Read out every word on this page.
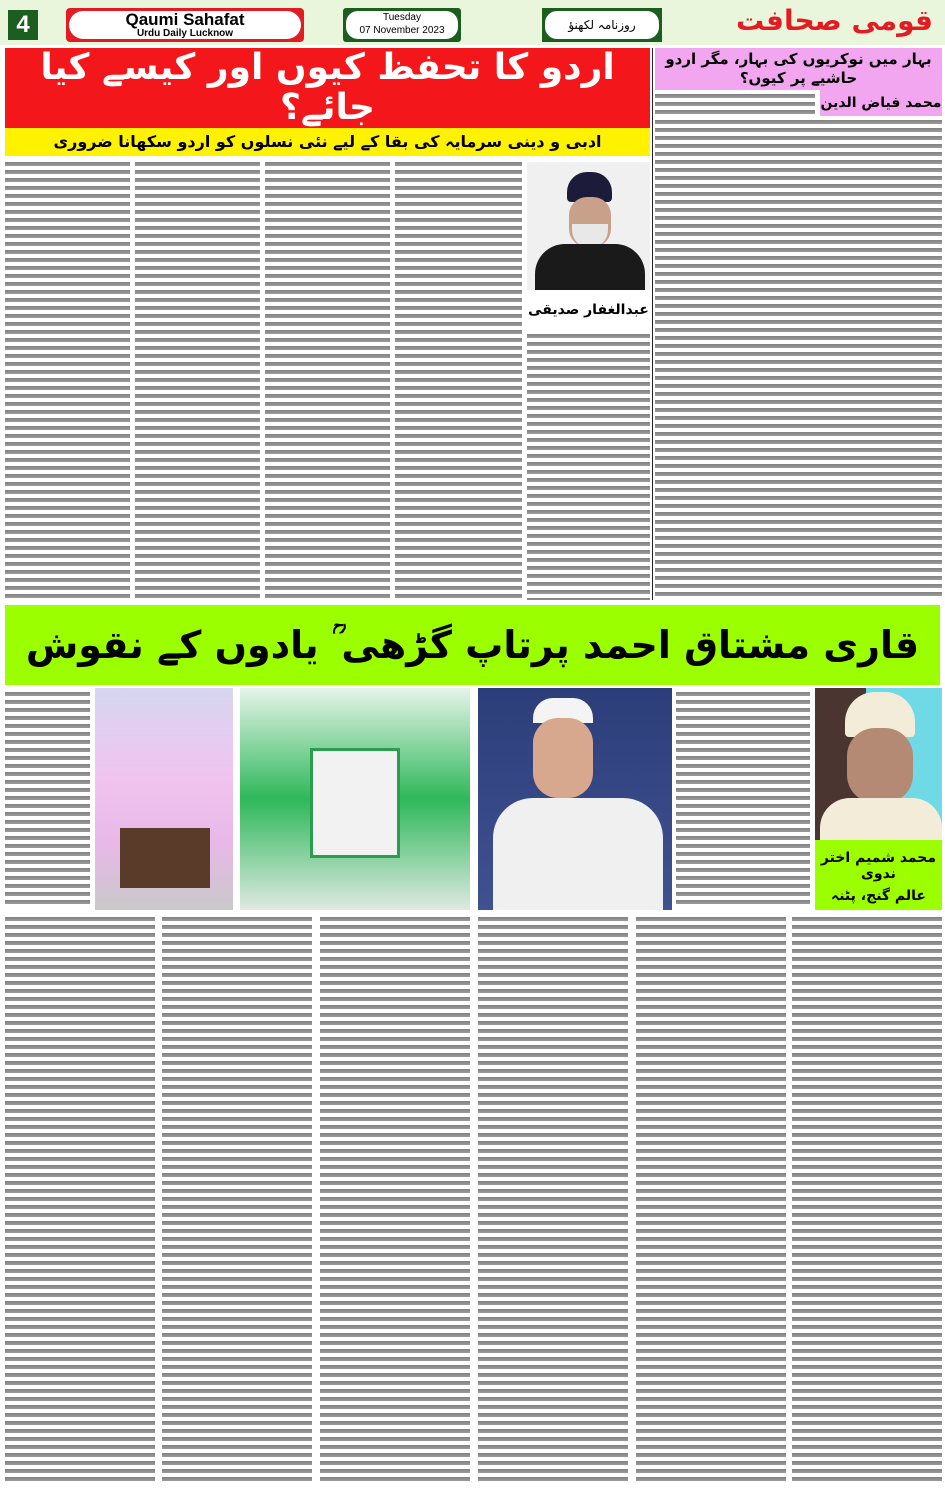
4	Qaumi Sahafat
Urdu Daily Lucknow
Tuesday
07 November 2023	روزنامہ لکھنؤ	قومی صحافت
اردو کا تحفظ کیوں اور کیسے کیا جائے؟
ادبی و دینی سرمایہ کی بقا کے لیے نئی نسلوں کو اردو سکھانا ضروری
بہار میں نوکریوں کی بہار، مگر اردو حاشیے پر کیوں؟
محمد فیاض الدین
عبدالغفار صدیقی
قاری مشتاق احمد پرتاپ گڑھی ؒ یادوں کے نقوش
محمد شمیم اختر ندوی
عالم گنج، پٹنہ
